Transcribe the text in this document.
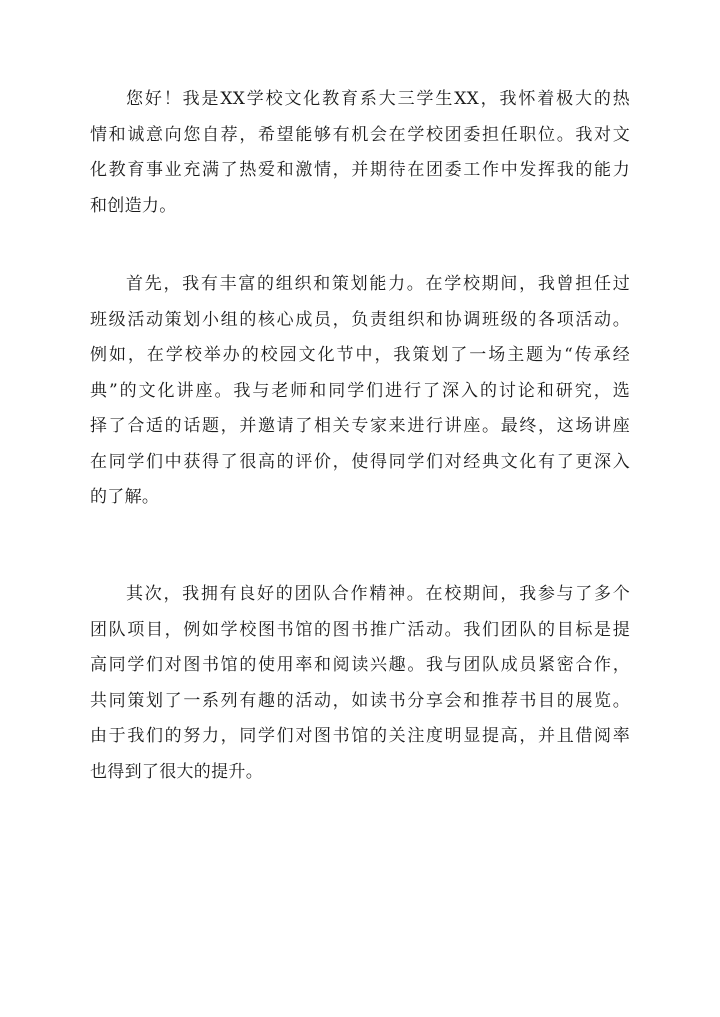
您好！我是XX学校文化教育系大三学生XX，我怀着极大的热
情和诚意向您自荐，希望能够有机会在学校团委担任职位。我对文
化教育事业充满了热爱和激情，并期待在团委工作中发挥我的能力
和创造力。
首先，我有丰富的组织和策划能力。在学校期间，我曾担任过
班级活动策划小组的核心成员，负责组织和协调班级的各项活动。
例如，在学校举办的校园文化节中，我策划了一场主题为“传承经
典”的文化讲座。我与老师和同学们进行了深入的讨论和研究，选
择了合适的话题，并邀请了相关专家来进行讲座。最终，这场讲座
在同学们中获得了很高的评价，使得同学们对经典文化有了更深入
的了解。
其次，我拥有良好的团队合作精神。在校期间，我参与了多个
团队项目，例如学校图书馆的图书推广活动。我们团队的目标是提
高同学们对图书馆的使用率和阅读兴趣。我与团队成员紧密合作，
共同策划了一系列有趣的活动，如读书分享会和推荐书目的展览。
由于我们的努力，同学们对图书馆的关注度明显提高，并且借阅率
也得到了很大的提升。
